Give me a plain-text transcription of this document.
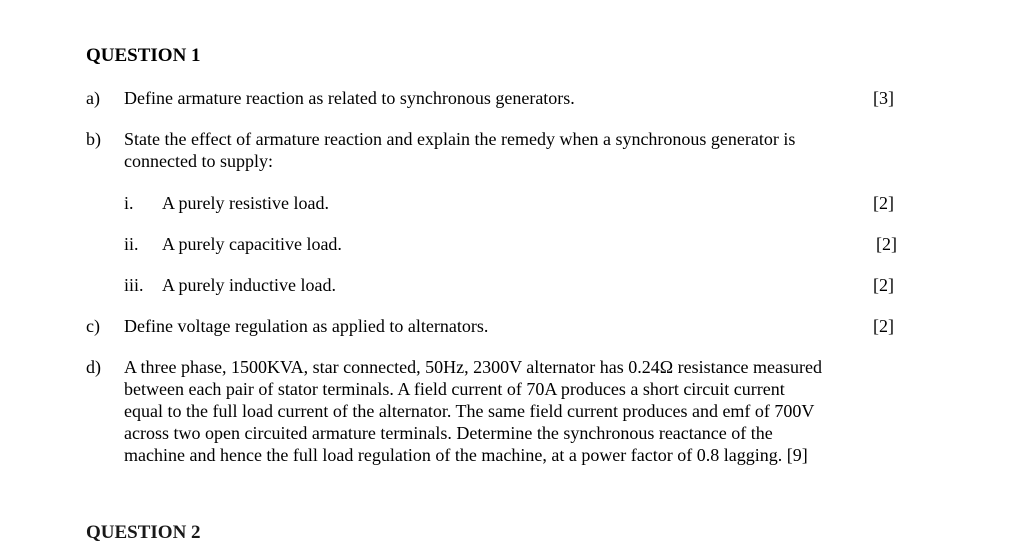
QUESTION 1
a) Define armature reaction as related to synchronous generators.	[3]
b) State the effect of armature reaction and explain the remedy when a synchronous generator is
connected to supply:
i. A purely resistive load.	[2]
ii. A purely capacitive load.	[2]
iii. A purely inductive load.	[2]
c) Define voltage regulation as applied to alternators.	[2]
d) A three phase, 1500KVA, star connected, 50Hz, 2300V alternator has 0.24Ω resistance measured
between each pair of stator terminals. A field current of 70A produces a short circuit current
equal to the full load current of the alternator. The same field current produces and emf of 700V
across two open circuited armature terminals. Determine the synchronous reactance of the
machine and hence the full load regulation of the machine, at a power factor of 0.8 lagging. [9]
QUESTION 2
